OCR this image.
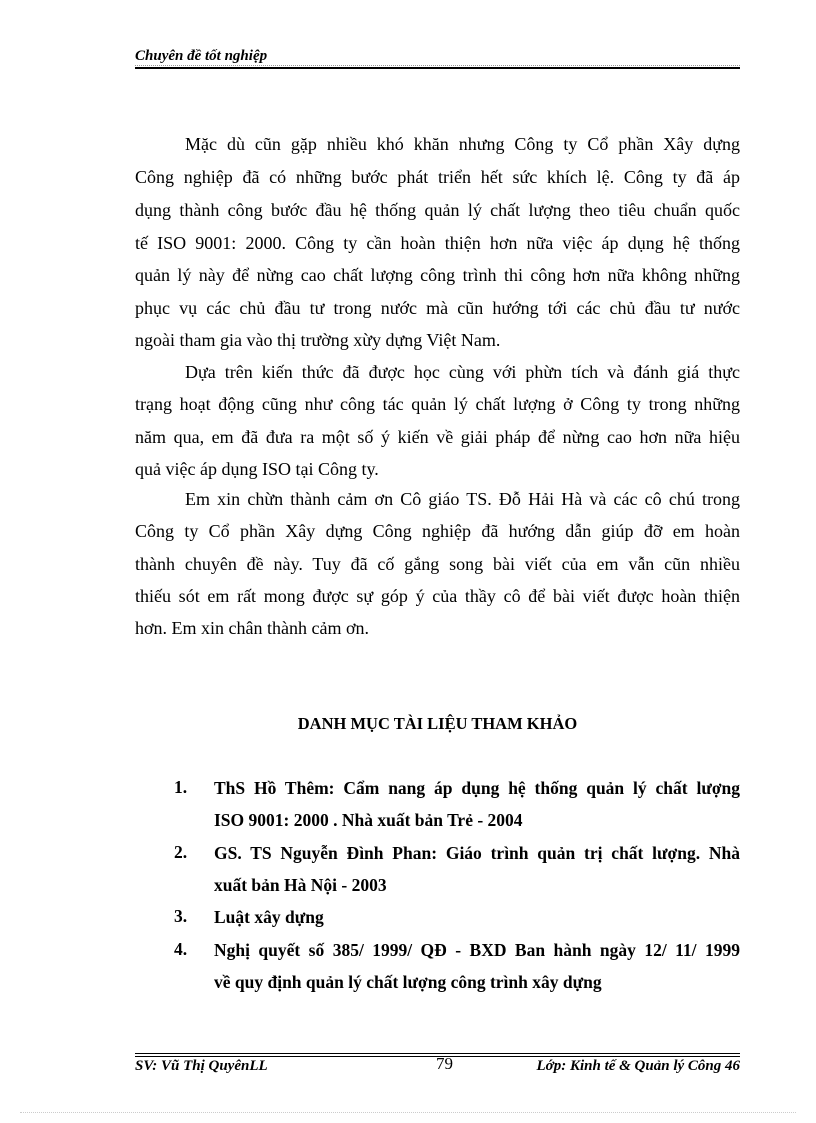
Chuyên đề tốt nghiệp
Mặc dù cũn gặp nhiều khó khăn nhưng Công ty Cổ phần Xây dựng
Công nghiệp đã có những bước phát triển hết sức khích lệ. Công ty đã áp
dụng thành công bước đầu hệ thống quản lý chất lượng theo tiêu chuẩn quốc
tế ISO 9001: 2000. Công ty cần hoàn thiện hơn nữa việc áp dụng hệ thống
quản lý này để nừng cao chất lượng công trình thi công hơn nữa không những
phục vụ các chủ đầu tư trong nước mà cũn hướng tới các chủ đầu tư nước
ngoài tham gia vào thị trường xừy dựng Việt Nam.
Dựa trên kiến thức đã được học cùng với phừn tích và đánh giá thực
trạng hoạt động cũng như công tác quản lý chất lượng ở Công ty trong những
năm qua, em đã đưa ra một số ý kiến về giải pháp để nừng cao hơn nữa hiệu
quả việc áp dụng ISO tại Công ty.
Em xin chừn thành cảm ơn Cô giáo TS. Đỗ Hải Hà và các cô chú trong
Công ty Cổ phần Xây dựng Công nghiệp đã hướng dẫn giúp đỡ em hoàn
thành chuyên đề này. Tuy đã cố gắng song bài viết của em vẫn cũn nhiều
thiếu sót em rất mong được sự góp ý của thầy cô để bài viết được hoàn thiện
hơn. Em xin chân thành cảm ơn.
DANH MỤC TÀI LIỆU THAM KHẢO
1. ThS Hồ Thêm: Cẩm nang áp dụng hệ thống quản lý chất lượng
ISO 9001: 2000 . Nhà xuất bản Trẻ - 2004
2. GS. TS Nguyễn Đình Phan: Giáo trình quản trị chất lượng. Nhà
xuất bản Hà Nội - 2003
3. Luật xây dựng
4. Nghị quyết số 385/ 1999/ QĐ - BXD Ban hành ngày 12/ 11/ 1999
về quy định quản lý chất lượng công trình xây dựng
SV: Vũ Thị QuyênLL	79	Lớp: Kinh tế & Quản lý Công 46
